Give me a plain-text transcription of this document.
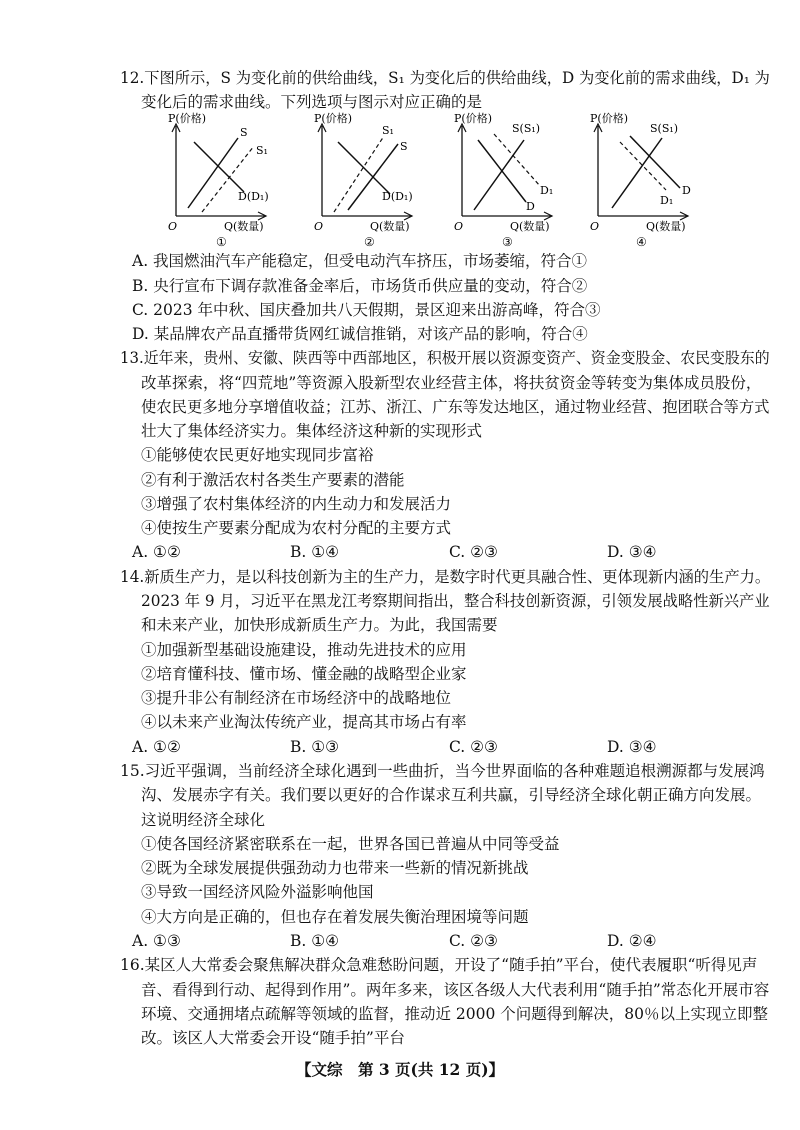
12.下图所示，S 为变化前的供给曲线，S₁ 为变化后的供给曲线，D 为变化前的需求曲线，D₁ 为
变化后的需求曲线。下列选项与图示对应正确的是
P(价格)
S
S₁
D(D₁)
O	Q(数量)
①
P(价格)
S₁
S
D(D₁)
O	Q(数量)
②
P(价格)
S(S₁)
D₁
D
O	Q(数量)
③
P(价格)
S(S₁)
D
D₁
O	Q(数量)
④
A. 我国燃油汽车产能稳定，但受电动汽车挤压，市场萎缩，符合①
B. 央行宣布下调存款准备金率后，市场货币供应量的变动，符合②
C. 2023 年中秋、国庆叠加共八天假期，景区迎来出游高峰，符合③
D. 某品牌农产品直播带货网红诚信推销，对该产品的影响，符合④
13.近年来，贵州、安徽、陕西等中西部地区，积极开展以资源变资产、资金变股金、农民变股东的
改革探索，将“四荒地”等资源入股新型农业经营主体，将扶贫资金等转变为集体成员股份，
使农民更多地分享增值收益；江苏、浙江、广东等发达地区，通过物业经营、抱团联合等方式
壮大了集体经济实力。集体经济这种新的实现形式
①能够使农民更好地实现同步富裕
②有利于激活农村各类生产要素的潜能
③增强了农村集体经济的内生动力和发展活力
④使按生产要素分配成为农村分配的主要方式
A. ①②	B. ①④	C. ②③	D. ③④
14.新质生产力，是以科技创新为主的生产力，是数字时代更具融合性、更体现新内涵的生产力。
2023 年 9 月，习近平在黑龙江考察期间指出，整合科技创新资源，引领发展战略性新兴产业
和未来产业，加快形成新质生产力。为此，我国需要
①加强新型基础设施建设，推动先进技术的应用
②培育懂科技、懂市场、懂金融的战略型企业家
③提升非公有制经济在市场经济中的战略地位
④以未来产业淘汰传统产业，提高其市场占有率
A. ①②	B. ①③	C. ②③	D. ③④
15.习近平强调，当前经济全球化遇到一些曲折，当今世界面临的各种难题追根溯源都与发展鸿
沟、发展赤字有关。我们要以更好的合作谋求互利共赢，引导经济全球化朝正确方向发展。
这说明经济全球化
①使各国经济紧密联系在一起，世界各国已普遍从中同等受益
②既为全球发展提供强劲动力也带来一些新的情况新挑战
③导致一国经济风险外溢影响他国
④大方向是正确的，但也存在着发展失衡治理困境等问题
A. ①③	B. ①④	C. ②③	D. ②④
16.某区人大常委会聚焦解决群众急难愁盼问题，开设了“随手拍”平台，使代表履职“听得见声
音、看得到行动、起得到作用”。两年多来，该区各级人大代表利用“随手拍”常态化开展市容
环境、交通拥堵点疏解等领域的监督，推动近 2000 个问题得到解决，80％以上实现立即整
改。该区人大常委会开设“随手拍”平台
【文综　第 3 页(共 12 页)】
